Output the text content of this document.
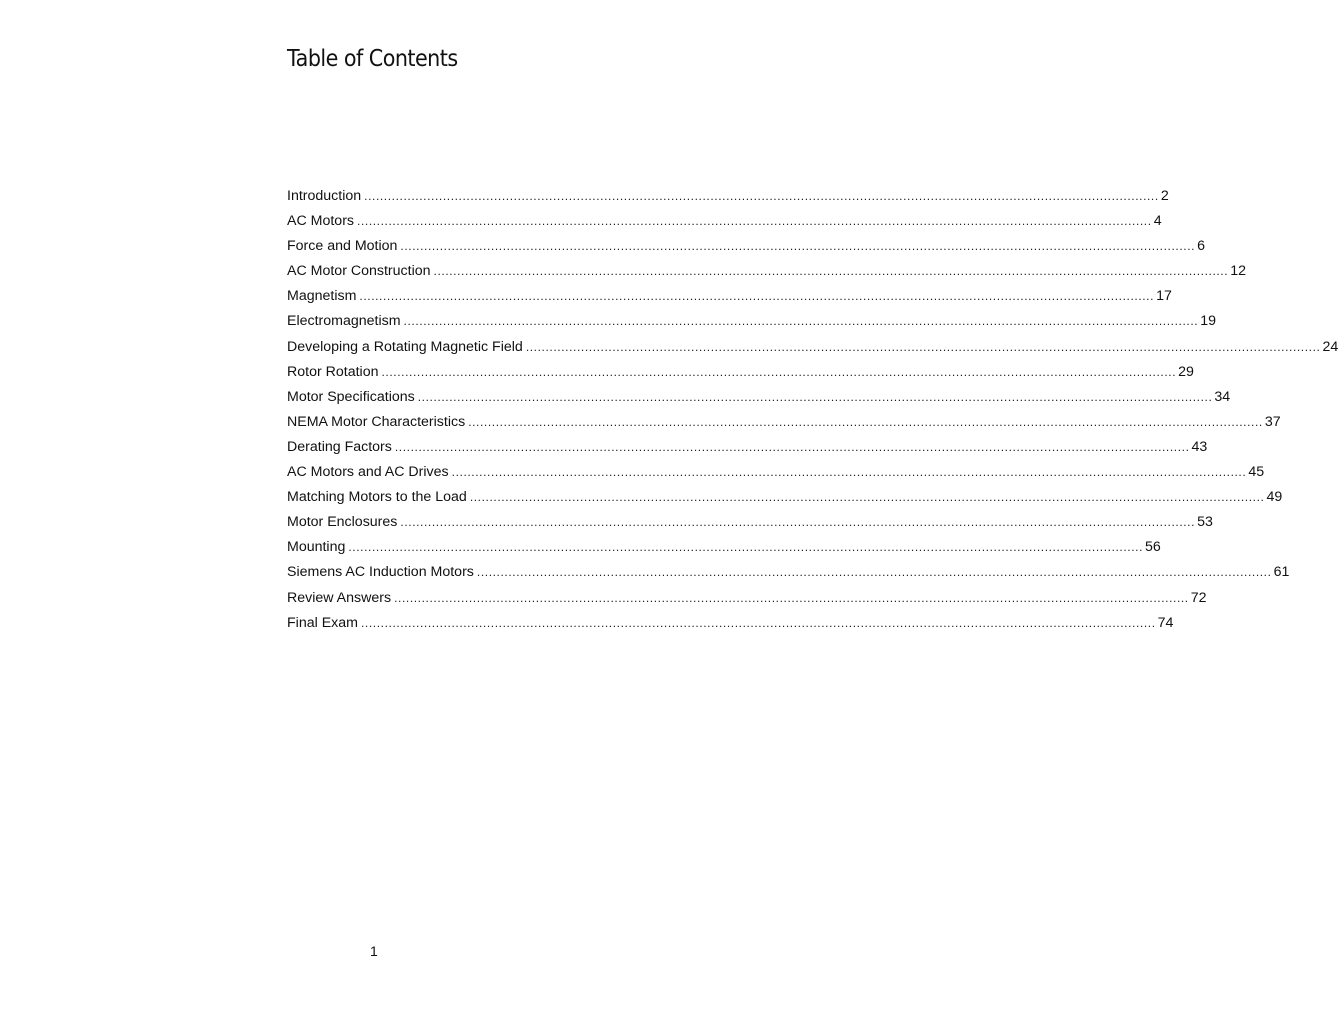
Table of Contents
Introduction .......................................................................................................................................................................................................... 2
AC Motors .......................................................................................................................................................................................................... 4
Force and Motion .......................................................................................................................................................................................................... 6
AC Motor Construction .......................................................................................................................................................................................................... 12
Magnetism .......................................................................................................................................................................................................... 17
Electromagnetism .......................................................................................................................................................................................................... 19
Developing a Rotating Magnetic Field .......................................................................................................................................................................................................... 24
Rotor Rotation .......................................................................................................................................................................................................... 29
Motor Specifications .......................................................................................................................................................................................................... 34
NEMA Motor Characteristics .......................................................................................................................................................................................................... 37
Derating Factors .......................................................................................................................................................................................................... 43
AC Motors and AC Drives .......................................................................................................................................................................................................... 45
Matching Motors to the Load .......................................................................................................................................................................................................... 49
Motor Enclosures .......................................................................................................................................................................................................... 53
Mounting .......................................................................................................................................................................................................... 56
Siemens AC Induction Motors .......................................................................................................................................................................................................... 61
Review Answers .......................................................................................................................................................................................................... 72
Final Exam .......................................................................................................................................................................................................... 74
1
